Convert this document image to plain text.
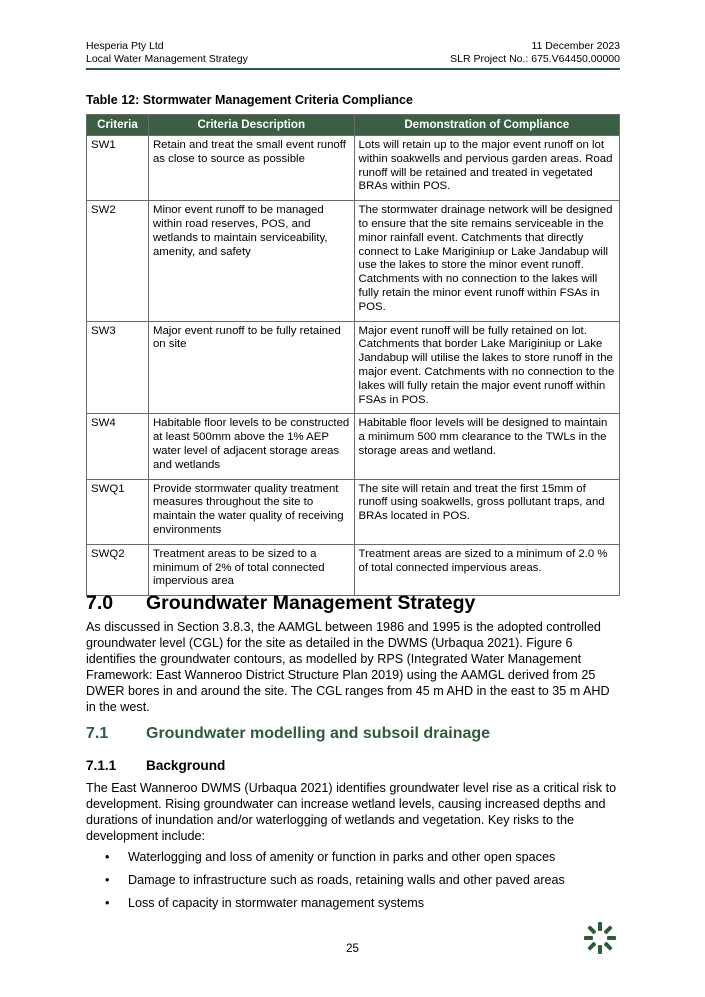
Hesperia Pty Ltd
Local Water Management Strategy
11 December 2023
SLR Project No.: 675.V64450.00000
Table 12: Stormwater Management Criteria Compliance
Criteria	Criteria Description	Demonstration of Compliance
SW1	Retain and treat the small event runoff as close to source as possible	Lots will retain up to the major event runoff on lot within soakwells and pervious garden areas. Road runoff will be retained and treated in vegetated BRAs within POS.
SW2	Minor event runoff to be managed within road reserves, POS, and wetlands to maintain serviceability, amenity, and safety	The stormwater drainage network will be designed to ensure that the site remains serviceable in the minor rainfall event. Catchments that directly connect to Lake Mariginiup or Lake Jandabup will use the lakes to store the minor event runoff. Catchments with no connection to the lakes will fully retain the minor event runoff within FSAs in POS.
SW3	Major event runoff to be fully retained on site	Major event runoff will be fully retained on lot. Catchments that border Lake Mariginiup or Lake Jandabup will utilise the lakes to store runoff in the major event. Catchments with no connection to the lakes will fully retain the major event runoff within FSAs in POS.
SW4	Habitable floor levels to be constructed at least 500mm above the 1% AEP water level of adjacent storage areas and wetlands	Habitable floor levels will be designed to maintain a minimum 500 mm clearance to the TWLs in the storage areas and wetland.
SWQ1	Provide stormwater quality treatment measures throughout the site to maintain the water quality of receiving environments	The site will retain and treat the first 15mm of runoff using soakwells, gross pollutant traps, and BRAs located in POS.
SWQ2	Treatment areas to be sized to a minimum of 2% of total connected impervious area	Treatment areas are sized to a minimum of 2.0 % of total connected impervious areas.
7.0 Groundwater Management Strategy

As discussed in Section 3.8.3, the AAMGL between 1986 and 1995 is the adopted controlled groundwater level (CGL) for the site as detailed in the DWMS (Urbaqua 2021). Figure 6 identifies the groundwater contours, as modelled by RPS (Integrated Water Management Framework: East Wanneroo District Structure Plan 2019) using the AAMGL derived from 25 DWER bores in and around the site. The CGL ranges from 45 m AHD in the east to 35 m AHD in the west.

7.1 Groundwater modelling and subsoil drainage
7.1.1 Background

The East Wanneroo DWMS (Urbaqua 2021) identifies groundwater level rise as a critical risk to development. Rising groundwater can increase wetland levels, causing increased depths and durations of inundation and/or waterlogging of wetlands and vegetation. Key risks to the development include:

• Waterlogging and loss of amenity or function in parks and other open spaces
• Damage to infrastructure such as roads, retaining walls and other paved areas
• Loss of capacity in stormwater management systems
25
